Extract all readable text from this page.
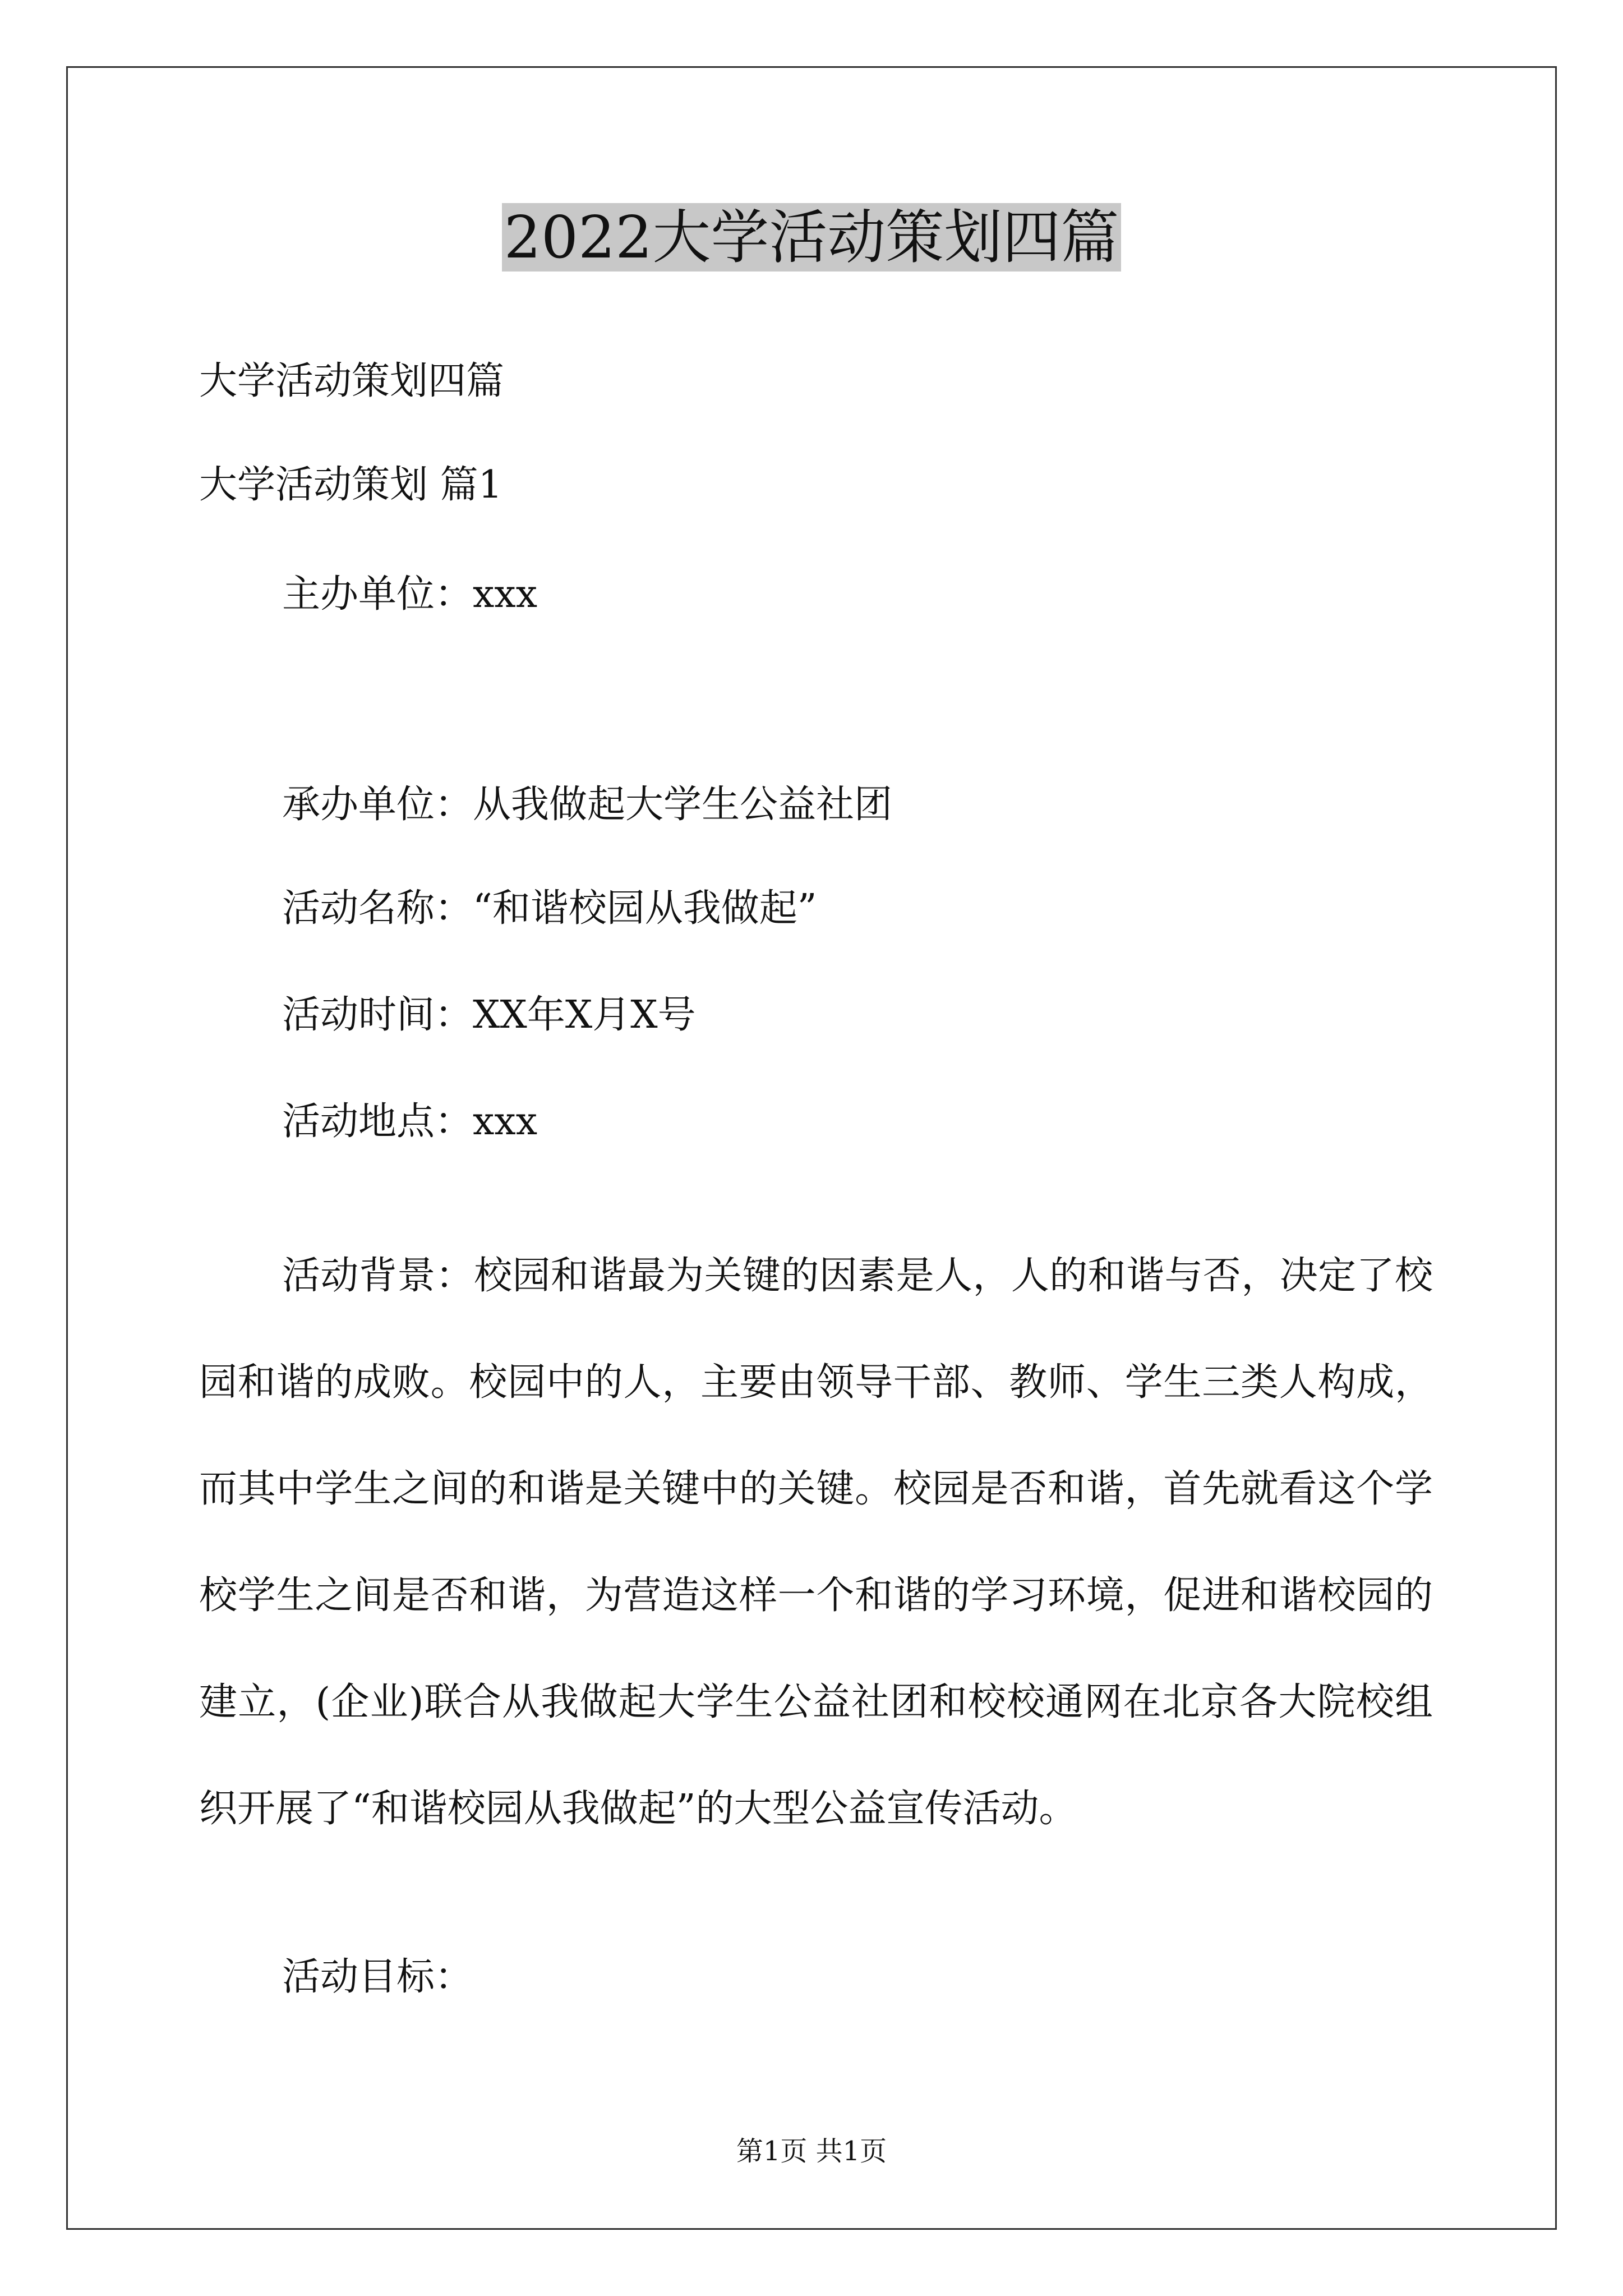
2022大学活动策划四篇

大学活动策划四篇

大学活动策划 篇1

主办单位：xxx

承办单位：从我做起大学生公益社团

活动名称：“和谐校园从我做起”

活动时间：XX年X月X号

活动地点：xxx

活动背景：校园和谐最为关键的因素是人，人的和谐与否，决定了校园和谐的成败。校园中的人，主要由领导干部、教师、学生三类人构成，而其中学生之间的和谐是关键中的关键。校园是否和谐，首先就看这个学校学生之间是否和谐，为营造这样一个和谐的学习环境，促进和谐校园的建立，(企业)联合从我做起大学生公益社团和校校通网在北京各大院校组织开展了“和谐校园从我做起”的大型公益宣传活动。

活动目标：

第1页 共1页
